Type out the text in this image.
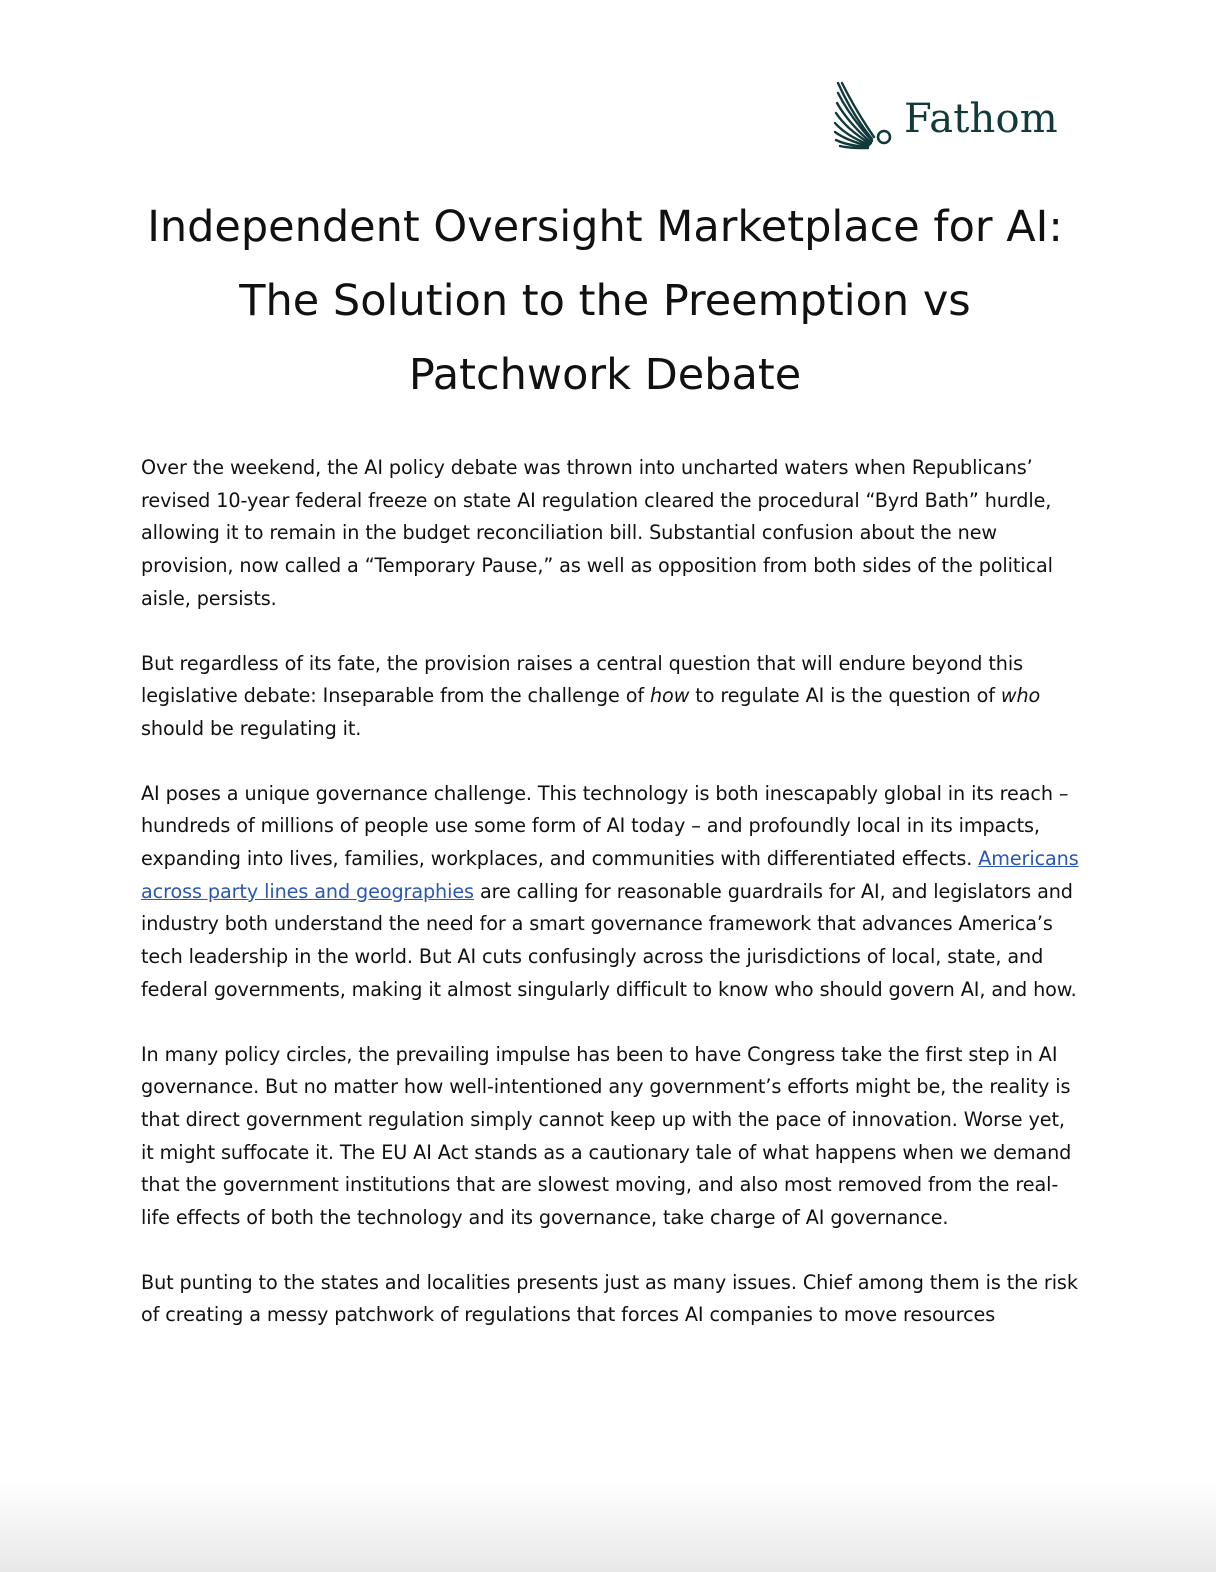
Fathom
Independent Oversight Marketplace for AI: The Solution to the Preemption vs Patchwork Debate

Over the weekend, the AI policy debate was thrown into uncharted waters when Republicans’ revised 10-year federal freeze on state AI regulation cleared the procedural “Byrd Bath” hurdle, allowing it to remain in the budget reconciliation bill. Substantial confusion about the new provision, now called a “Temporary Pause,” as well as opposition from both sides of the political aisle, persists.

But regardless of its fate, the provision raises a central question that will endure beyond this legislative debate: Inseparable from the challenge of how to regulate AI is the question of who should be regulating it.

AI poses a unique governance challenge. This technology is both inescapably global in its reach – hundreds of millions of people use some form of AI today – and profoundly local in its impacts, expanding into lives, families, workplaces, and communities with differentiated effects. Americans across party lines and geographies are calling for reasonable guardrails for AI, and legislators and industry both understand the need for a smart governance framework that advances America’s tech leadership in the world. But AI cuts confusingly across the jurisdictions of local, state, and federal governments, making it almost singularly difficult to know who should govern AI, and how.

In many policy circles, the prevailing impulse has been to have Congress take the first step in AI governance. But no matter how well-intentioned any government’s efforts might be, the reality is that direct government regulation simply cannot keep up with the pace of innovation. Worse yet, it might suffocate it. The EU AI Act stands as a cautionary tale of what happens when we demand that the government institutions that are slowest moving, and also most removed from the real-life effects of both the technology and its governance, take charge of AI governance.

But punting to the states and localities presents just as many issues. Chief among them is the risk of creating a messy patchwork of regulations that forces AI companies to move resources
